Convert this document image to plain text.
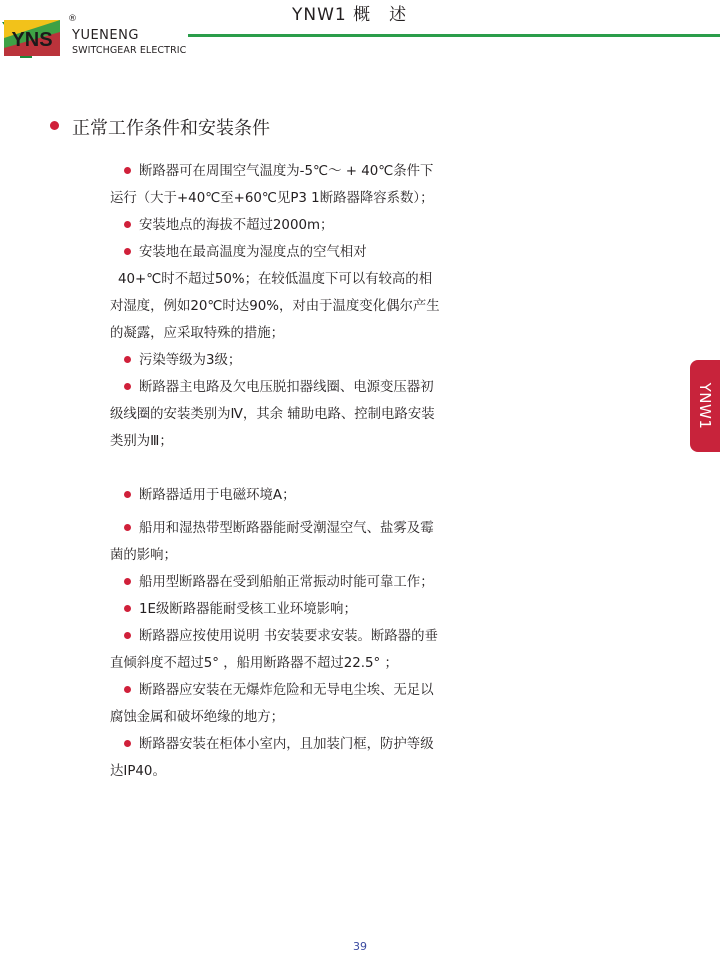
YNS
®
YUENENG
SWITCHGEAR ELECTRIC
YNW1 概　述
正常工作条件和安装条件

断路器可在周围空气温度为-5℃～ + 40℃条件下运行（大于+40℃至+60℃见P3 1断路器降容系数）；

安装地点的海拔不超过2000m；

安装地在最高温度为湿度点的空气相对

40+℃时不超过50%；在较低温度下可以有较高的相对湿度，例如20℃时达90%，对由于温度变化偶尔产生的凝露，应采取特殊的措施；

污染等级为3级；

断路器主电路及欠电压脱扣器线圈、电源变压器初级线圈的安装类别为Ⅳ，其余 辅助电路、控制电路安装类别为Ⅲ；

断路器适用于电磁环境A；

船用和湿热带型断路器能耐受潮湿空气、盐雾及霉菌的影响；

船用型断路器在受到船舶正常振动时能可靠工作；

1E级断路器能耐受核工业环境影响；

断路器应按使用说明 书安装要求安装。断路器的垂直倾斜度不超过5° ，船用断路器不超过22.5° ；

断路器应安装在无爆炸危险和无导电尘埃、无足以腐蚀金属和破坏绝缘的地方；

断路器安装在柜体小室内，且加装门框，防护等级达IP40。

YNW1
39
